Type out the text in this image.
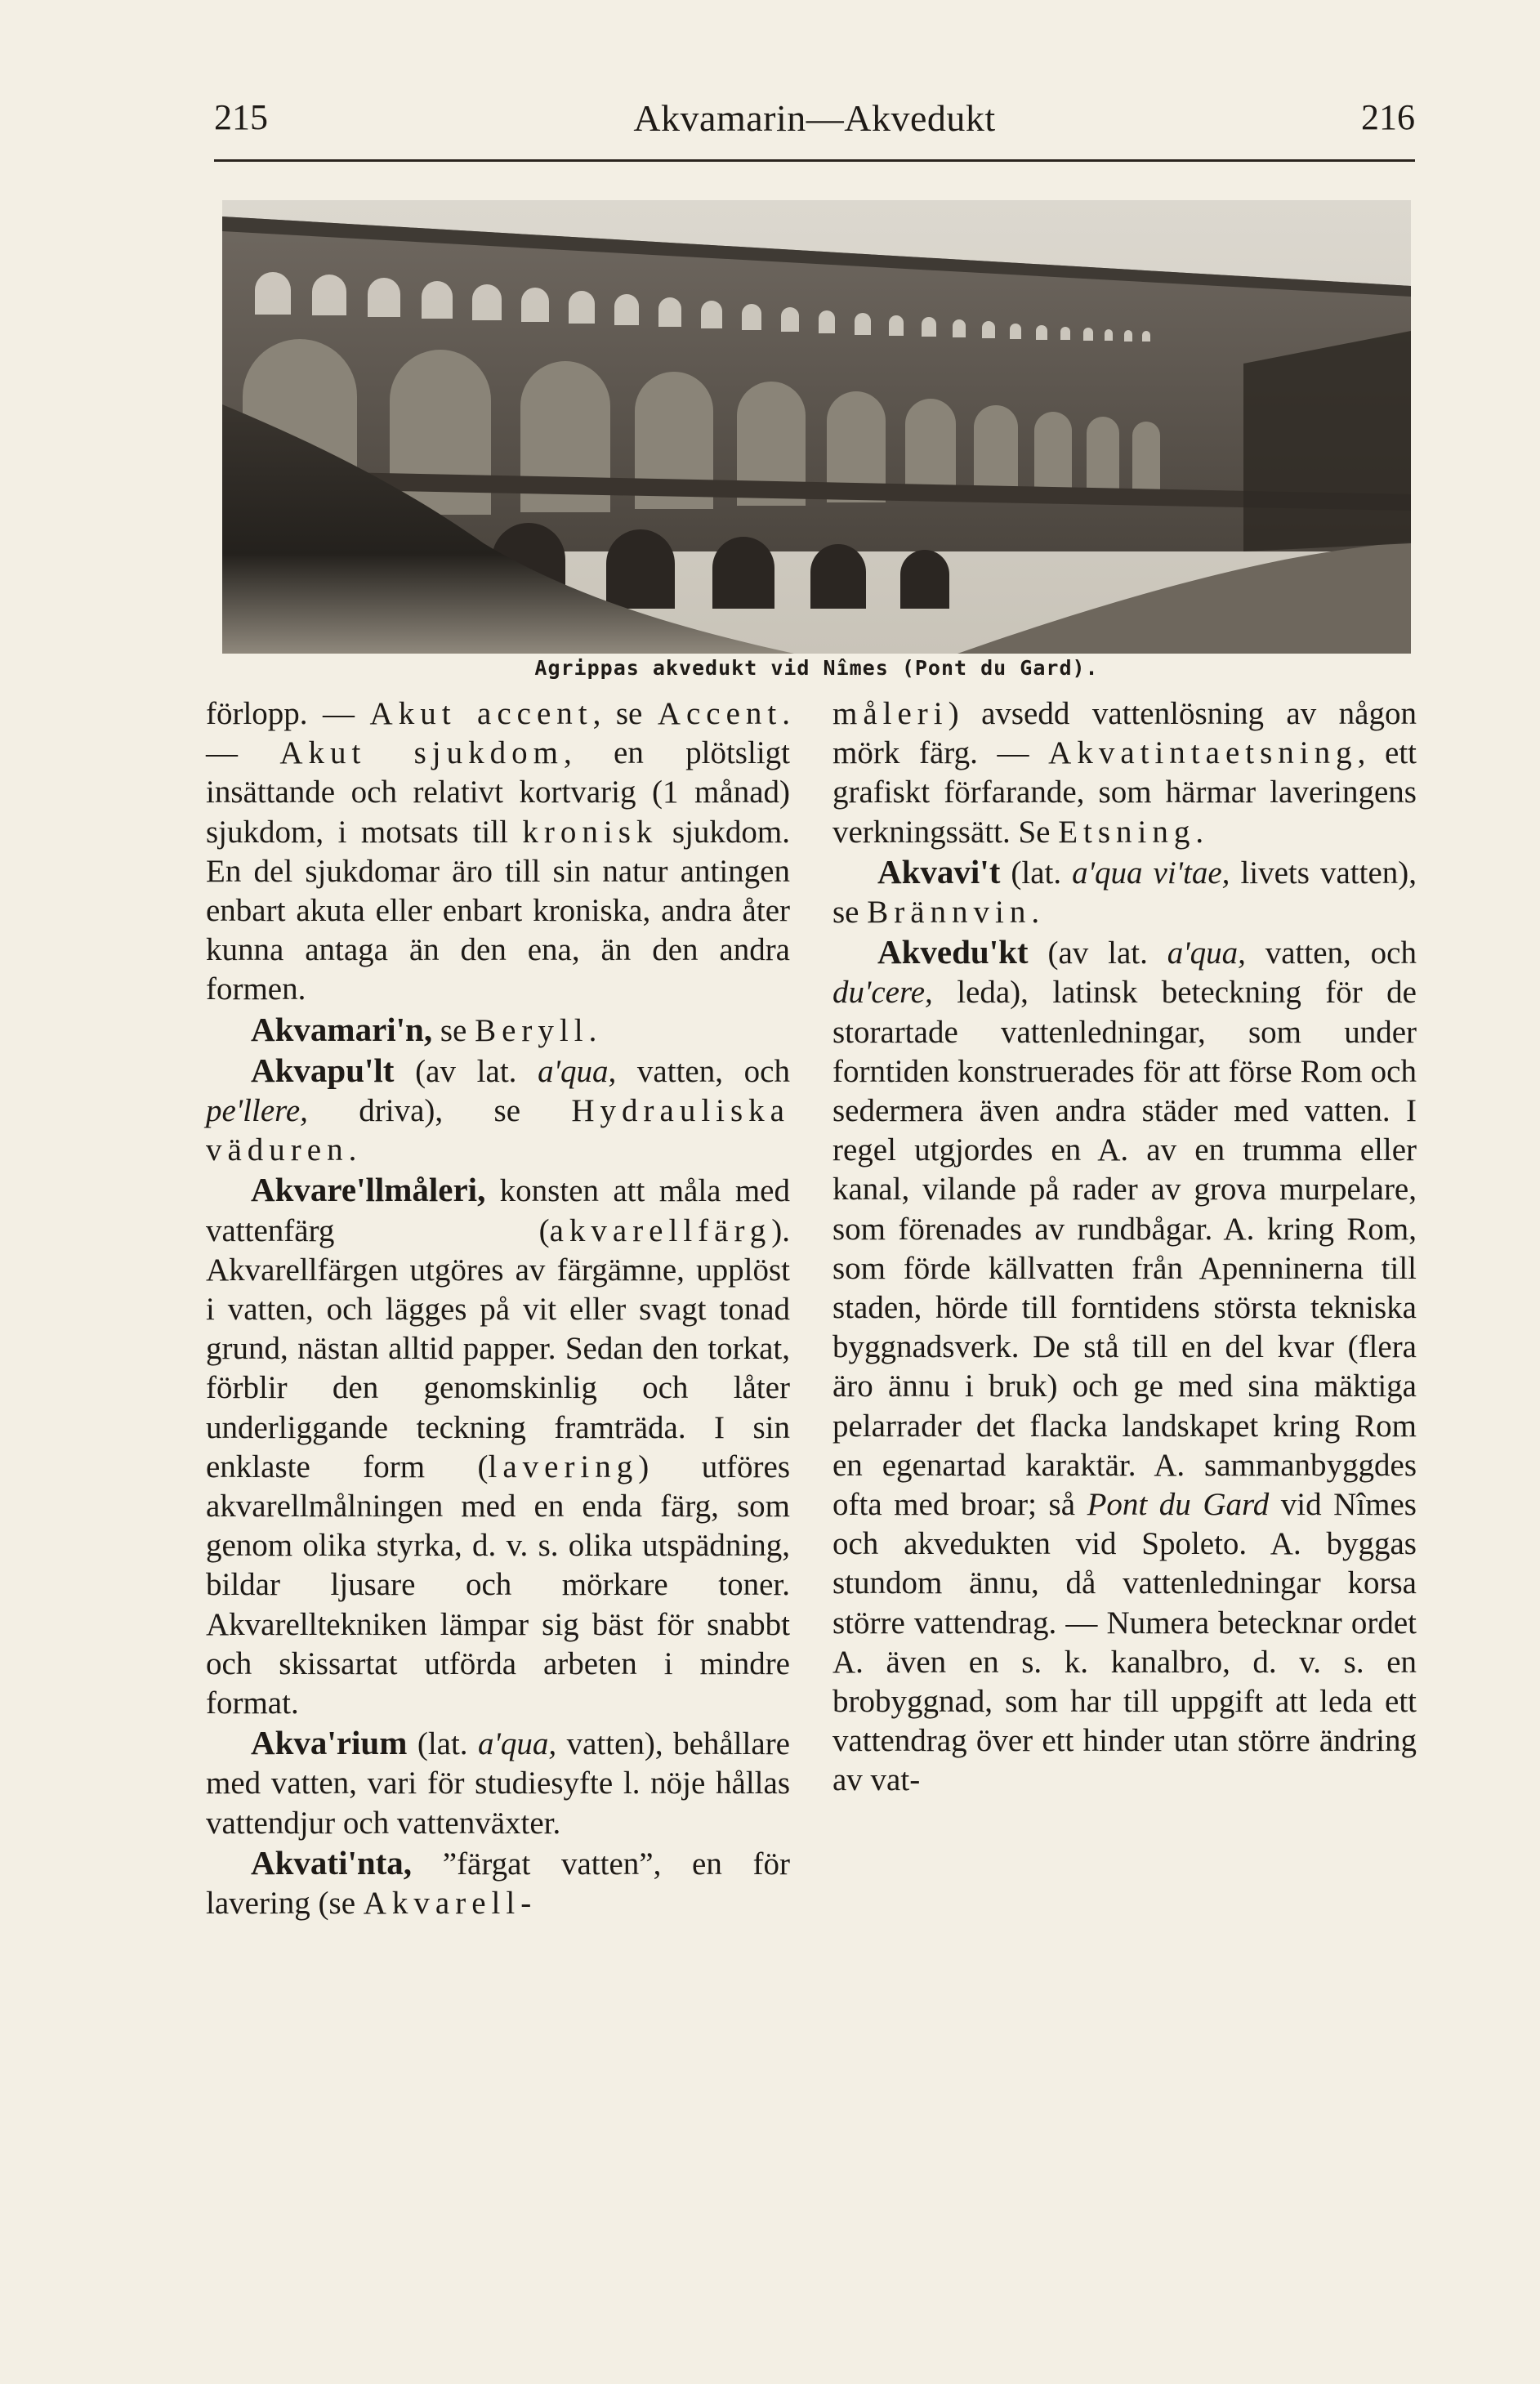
215	Akvamarin—Akvedukt	216
Agrippas akvedukt vid Nîmes (Pont du Gard).

förlopp. — Akut accent, se Accent. — Akut sjukdom, en plötsligt insättande och relativt kortvarig (1 månad) sjukdom, i motsats till kronisk sjukdom. En del sjukdomar äro till sin natur antingen enbart akuta eller enbart kroniska, andra åter kunna antaga än den ena, än den andra formen.

Akvamari'n, se Beryll.

Akvapu'lt (av lat. a'qua, vatten, och pe'llere, driva), se Hydrauliska väduren.

Akvare'llmåleri, konsten att måla med vattenfärg (akvarellfärg). Akvarellfärgen utgöres av färgämne, upplöst i vatten, och lägges på vit eller svagt tonad grund, nästan alltid papper. Sedan den torkat, förblir den genomskinlig och låter underliggande teckning framträda. I sin enklaste form (lavering) utföres akvarellmålningen med en enda färg, som genom olika styrka, d. v. s. olika utspädning, bildar ljusare och mörkare toner. Akvarelltekniken lämpar sig bäst för snabbt och skissartat utförda arbeten i mindre format.

Akva'rium (lat. a'qua, vatten), behållare med vatten, vari för studiesyfte l. nöje hållas vattendjur och vattenväxter.

Akvati'nta, ”färgat vatten”, en för lavering (se Akvarell-

måleri) avsedd vattenlösning av någon mörk färg. — Akvatintaetsning, ett grafiskt förfarande, som härmar laveringens verkningssätt. Se Etsning.

Akvavi't (lat. a'qua vi'tae, livets vatten), se Brännvin.

Akvedu'kt (av lat. a'qua, vatten, och du'cere, leda), latinsk beteckning för de storartade vattenledningar, som under forntiden konstruerades för att förse Rom och sedermera även andra städer med vatten. I regel utgjordes en A. av en trumma eller kanal, vilande på rader av grova murpelare, som förenades av rundbågar. A. kring Rom, som förde källvatten från Apenninerna till staden, hörde till forntidens största tekniska byggnadsverk. De stå till en del kvar (flera äro ännu i bruk) och ge med sina mäktiga pelarrader det flacka landskapet kring Rom en egenartad karaktär. A. sammanbyggdes ofta med broar; så Pont du Gard vid Nîmes och akvedukten vid Spoleto. A. byggas stundom ännu, då vattenledningar korsa större vattendrag. — Numera betecknar ordet A. även en s. k. kanalbro, d. v. s. en brobyggnad, som har till uppgift att leda ett vattendrag över ett hinder utan större ändring av vat-
